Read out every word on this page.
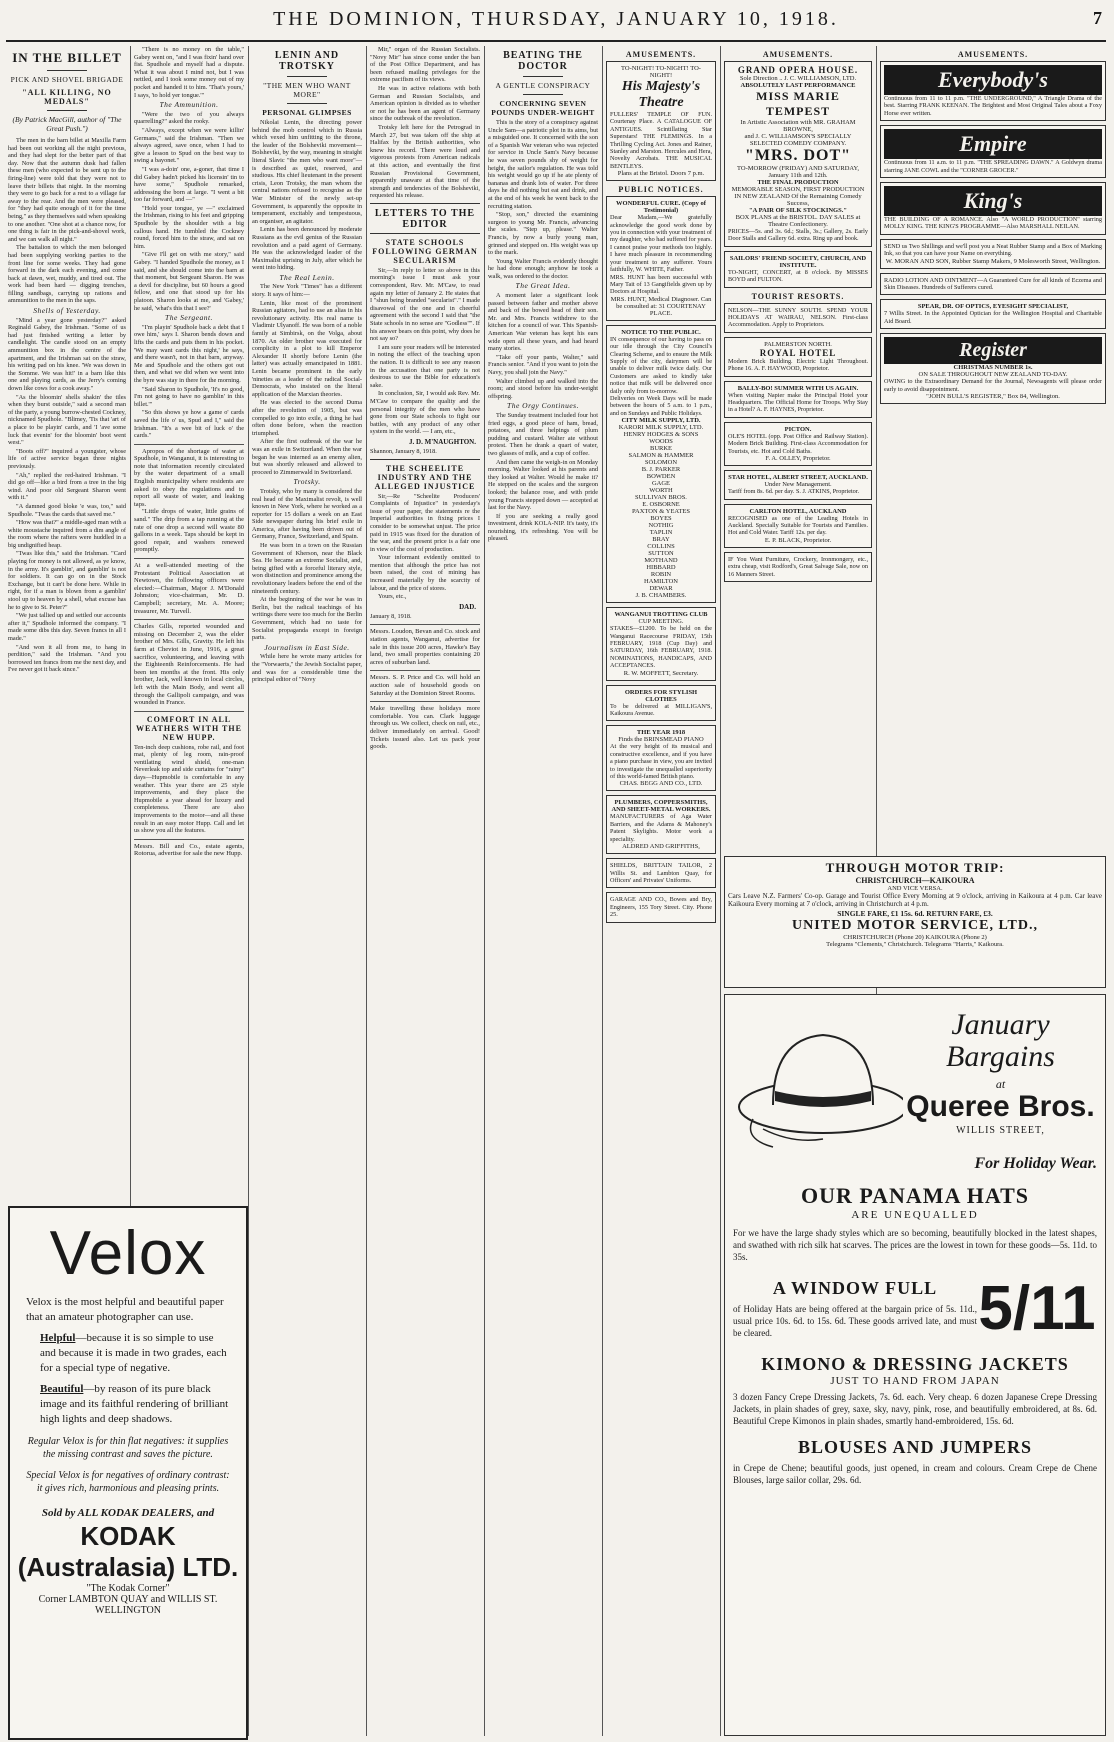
THE DOMINION, THURSDAY, JANUARY 10, 1918.	7
IN THE BILLET
PICK AND SHOVEL BRIGADE
"ALL KILLING, NO MEDALS"
(By Patrick MacGill, author of "The Great Push.")

The men in the barn billet at Maxilla Farm had been out working all the night previous, and they had slept for the better part of that day. Now that the autumn dusk had fallen these men (who expected to be sent up to the firing-line) were told that they were not to leave their billets that night. In the morning they were to go back for a rest to a village far away to the rear. And the men were pleased, for "they had quite enough of it for the time being," as they themselves said when speaking to one another. "One shot at a chance now, for one thing is fair in the pick-and-shovel work, and we can walk all night."

The battalion to which the men belonged had been supplying working parties to the front line for some weeks. They had gone forward in the dark each evening, and come back at dawn, wet, muddy, and tired out. The work had been hard — digging trenches, filling sandbags, carrying up rations and ammunition to the men in the saps.

Shells of Yesterday.

"Mind a year gone yesterday?" asked Reginald Gabey, the Irishman. "Some of us had just finished writing a letter by candlelight. The candle stood on an empty ammunition box in the centre of the apartment, and the Irishman sat on the straw, his writing pad on his knee. 'We was down in the Somme. We was hit!' in a barn like this one and playing cards, as the Jerry's coming down like cows for a cook away."

"As the bloomin' shells shakin' the tiles when they burst outside," said a second man of the party, a young burrow-chested Cockney, nicknamed Spudhole. "Blimey, 'Tis that 'art of a place to be playin' cards, and 'I 'ave some luck that evenin' for the bloomin' boot went west."

"Boots off?" inquired a youngster, whose life of active service began three nights previously.

"Ah," replied the red-haired Irishman. "I did go off—like a bird from a tree in the big wind. And poor old Sergeant Sharon went with it."

"A damned good bloke 'e was, too," said Spudhole. "Twas the cards that saved me."

"How was that?" a middle-aged man with a white moustache inquired from a dim angle of the room where the rafters were huddled in a big undignified heap.

"Twas like this," said the Irishman. "Card playing for money is not allowed, as ye know, in the army. It's gamblin', and gamblin' is not for soldiers. It can go on in the Stock Exchange, but it can't be done here. While in right, for if a man is blown from a gamblin' stool up to heaven by a shell, what excuse has he to give to St. Peter?"

"We just tallied up and settled our accounts after it," Spudhole informed the company. "I made some dibs this day. Seven francs in all I made."

"And won it all from me, to hang in perdition," said the Irishman. "And you borrowed ten francs from me the next day, and I've never got it back since."

"There is no money on the table," Gabey went on, "and I was fixin' hand over fist. Spudhole and myself had a dispute. What it was about I mind not, but I was nettled, and I took some money out of my pocket and handed it to him. 'That's yours,' I says, 'to hold yer tongue.'"

The Ammunition.

"Were the two of you always quarrelling?" asked the rooky.

"Always, except when we were killin' Germans," said the Irishman. "Then we always agreed, save once, when I had to give a lesson to Spud on the best way to swing a bayonet."

"I was a-doin' one, a-goner, that time I did Gabey hadn't picked his licensin' tin to have some," Spudhole remarked, addressing the born at large. "I went a bit too far forward, and —"

"Hold your tongue, ye —" exclaimed the Irishman, rising to his feet and gripping Spudhole by the shoulder with a big callous hand. He tumbled the Cockney round, forced him to the straw, and sat on him.

"Give I'll get on with me story," said Gabey. "I handed Spudhole the money, as I said, and she should come into the barn at that moment, but Sergeant Sharon. He was a devil for discipline, but 60 hours a good fellow, and one that stood up for his platoon. Sharon looks at me, and 'Gabey,' he said, 'what's this that I see?'

The Sergeant.

"I'm playin' Spudhole back a debt that I owe him,' says I. Sharon bends down and lifts the cards and puts them in his pocket. 'We may want cards this night,' he says, and there wasn't, not in that barn, anyway. Me and Spudhole and the others got out then, and what we did when we went into the byre was stay in there for the morning.

"Said Sharon to Spudhole, 'It's no good, I'm not going to have no gamblin' in this billet.'"

"So this shows ye how a game o' cards saved the life o' us, Spud and I," said the Irishman. "It's a wee bit of luck o' the cards."

Apropos of the shortage of water at Spudhole, in Wanganui, it is interesting to note that information recently circulated by the water department of a small English municipality where residents are asked to obey the regulations and to report all waste of water, and leaking taps.

"Little drops of water, little grains of sand." The drip from a tap running at the rate of one drop a second will waste 80 gallons in a week. Taps should be kept in good repair, and washers renewed promptly.

At a well-attended meeting of the Protestant Political Association at Newtown, the following officers were elected:—Chairman, Major J. M'Donald Johnston; vice-chairman, Mr. D. Campbell; secretary, Mr. A. Moore; treasurer, Mr. Turvell.
Charles Gills, reported wounded and missing on December 2, was the elder brother of Mrs. Gills, Gravity. He left his farm at Cheviot in June, 1916, a great sacrifice, volunteering, and leaving with the Eighteenth Reinforcements. He had been ten months at the front. His only brother, Jack, well known in local circles, left with the Main Body, and went all through the Gallipoli campaign, and was wounded in France.
COMFORT IN ALL WEATHERS WITH THE NEW HUPP.
Ten-inch deep cushions, robe rail, and foot mat, plenty of leg room, rain-proof ventilating wind shield, one-man Neverleak top and side curtains for "rainy" days—Hupmobile is comfortable in any weather. This year there are 25 style improvements, and they place the Hupmobile a year ahead for luxury and completeness. There are also improvements to the motor—and all these result in an easy motor Hupp. Call and let us show you all the features.
Messrs. Bill and Co., estate agents, Rotorua, advertise for sale the new Hupp.
Velox
Velox is the most helpful and beautiful paper that an amateur photographer can use.
Helpful—because it is so simple to use and because it is made in two grades, each for a special type of negative.
Beautiful—by reason of its pure black image and its faithful rendering of brilliant high lights and deep shadows.
Regular Velox is for thin flat negatives: it supplies the missing contrast and saves the picture.
Special Velox is for negatives of ordinary contrast: it gives rich, harmonious and pleasing prints.
Sold by ALL KODAK DEALERS, and
KODAK (Australasia) LTD.
"The Kodak Corner"
Corner LAMBTON QUAY and WILLIS ST. WELLINGTON
LENIN AND TROTSKY
"THE MEN WHO WANT MORE"
PERSONAL GLIMPSES

Nikolai Lenin, the directing power behind the mob control which in Russia which vexed him unfitting to the throne, the leader of the Bolsheviki movement—Bolsheviki, by the way, meaning in straight literal Slavic "the men who want more"—is described as quiet, reserved, and studious. His chief lieutenant in the present crisis, Leon Trotsky, the man whom the central nations refused to recognise as the War Minister of the newly set-up Government, is apparently the opposite in temperament, excitably and tempestuous, an organiser, an agitator.

Lenin has been denounced by moderate Russians as the evil genius of the Russian revolution and a paid agent of Germany. He was the acknowledged leader of the Maximalist uprising in July, after which he went into hiding.

The Real Lenin.

The New York "Times" has a different story. It says of him:—

Lenin, like most of the prominent Russian agitators, had to use an alias in his revolutionary activity. His real name is Vladimir Ulyanoff. He was born of a noble family at Simbirsk, on the Volga, about 1870. An older brother was executed for complicity in a plot to kill Emperor Alexander II shortly before Lenin (the latter) was actually emancipated in 1881. Lenin became prominent in the early 'nineties as a leader of the radical Social-Democrats, who insisted on the literal application of the Marxian theories.

He was elected to the second Duma after the revolution of 1905, but was compelled to go into exile, a thing he had often done before, when the reaction triumphed.

After the first outbreak of the war he was an exile in Switzerland. When the war began he was interned as an enemy alien, but was shortly released and allowed to proceed to Zimmerwald in Switzerland.

Trotsky.

Trotsky, who by many is considered the real head of the Maximalist revolt, is well known in New York, where he worked as a reporter for 15 dollars a week on an East Side newspaper during his brief exile in America, after having been driven out of Germany, France, Switzerland, and Spain.

He was born in a town on the Russian Government of Kherson, near the Black Sea. He became an extreme Socialist, and, being gifted with a forceful literary style, won distinction and prominence among the revolutionary leaders before the end of the nineteenth century.

At the beginning of the war he was in Berlin, but the radical teachings of his writings there were too much for the Berlin Government, which had no taste for Socialist propaganda except in foreign parts.

Journalism in East Side.

While here he wrote many articles for the "Vorwaerts," the Jewish Socialist paper, and was for a considerable time the principal editor of "Novy

Mir," organ of the Russian Socialists. "Novy Mir" has since come under the ban of the Post Office Department, and has been refused mailing privileges for the extreme pacifism of its views.

He was in active relations with both German and Russian Socialists, and American opinion is divided as to whether or not he has been an agent of Germany since the outbreak of the revolution.

Trotsky left here for the Petrograd in March 27, but was taken off the ship at Halifax by the British authorities, who knew his record. There were loud and vigorous protests from American radicals at this action, and eventually the first Russian Provisional Government, apparently unaware at that time of the strength and tendencies of the Bolsheviki, requested his release.

LETTERS TO THE EDITOR
STATE SCHOOLS FOLLOWING GERMAN SECULARISM

Sir,—In reply to letter so above in this morning's issue I must ask your correspondent, Rev. Mr. M'Caw, to read again my letter of January 2. He states that I "shun being branded "secularist"." I made disavowal of the one and in cheerful agreement with the second I said that "the State schools in no sense are "Godless"". If his answer bears on this point, why does he not say so?

I am sure your readers will be interested in noting the effect of the teaching upon the nation. It is difficult to see any reason in the accusation that one party is not desirous to use the Bible for education's sake.

In conclusion, Sir, I would ask Rev. Mr. M'Caw to compare the quality and the personal integrity of the men who have gone from our State schools to fight our battles, with any product of any other system in the world. — I am, etc.,

J. D. M'NAUGHTON.
Shannon, January 8, 1918.
THE SCHEELITE INDUSTRY AND THE ALLEGED INJUSTICE

Sir,—Re "Scheelite Producers' Complaints of Injustice" in yesterday's issue of your paper, the statements re the Imperial authorities in fixing prices I consider to be somewhat unjust. The price paid in 1915 was fixed for the duration of the war, and the present price is a fair one in view of the cost of production.

Your informant evidently omitted to mention that although the price has not been raised, the cost of mining has increased materially by the scarcity of labour, and the price of stores.

Yours, etc.,

DAD.
January 8, 1918.
Messrs. Loudon, Bevan and Co. stock and station agents, Wanganui, advertise for sale in this issue 200 acres, Hawke's Bay land, two small properties containing 20 acres of suburban land.
Messrs. S. P. Price and Co. will hold an auction sale of household goods on Saturday at the Dominion Street Rooms.
Make travelling these holidays more comfortable. You can. Clark luggage through us. We collect, check on rail, etc., deliver immediately on arrival. Good! Tickets issued also. Let us pack your goods.
BEATING THE DOCTOR
A GENTLE CONSPIRACY
CONCERNING SEVEN POUNDS UNDER-WEIGHT

This is the story of a conspiracy against Uncle Sam—a patriotic plot in its aims, but a misguided one. It concerned with the son of a Spanish War veteran who was rejected for service in Uncle Sam's Navy because he was seven pounds shy of weight for height, the sailor's regulation. He was told his weight would go up if he ate plenty of bananas and drank lots of water. For three days he did nothing but eat and drink, and at the end of his week he went back to the recruiting station.

"Stop, son," directed the examining surgeon to young Mr. Francis, advancing the scales. "Step up, please." Walter Francis, by now a burly young man, grinned and stepped on. His weight was up to the mark.

Young Walter Francis evidently thought he had done enough; anyhow he took a walk, was ordered to the doctor.

The Great Idea.

A moment later a significant look passed between father and mother above and back of the bowed head of their son. Mr. and Mrs. Francis withdrew to the kitchen for a council of war. This Spanish-American War veteran has kept his ears wide open all these years, and had heard many stories.

"Take off your pants, Walter," said Francis senior. "And if you want to join the Navy, you shall join the Navy."

Walter climbed up and walked into the room; and stood before his under-weight offspring.

The Orgy Continues.

The Sunday treatment included four hot fried eggs, a good piece of ham, bread, potatoes, and three helpings of plum pudding and custard. Walter ate without protest. Then he drank a quart of water, two glasses of milk, and a cup of coffee.

And then came the weigh-in on Monday morning. Walter looked at his parents and they looked at Walter. Would he make it? He stepped on the scales and the surgeon looked; the balance rose, and with pride young Francis stepped down — accepted at last for the Navy.

If you are seeking a really good investment, drink KOLA-NIP. It's tasty, it's nourishing, it's refreshing. You will be pleased.

AMUSEMENTS.
TO-NIGHT! TO-NIGHT! TO-NIGHT!
His Majesty's Theatre
FULLERS' TEMPLE OF FUN. Courtenay Place. A CATALOGUE OF ANTIGUES. Scintillating Star Superstars! THE FLEMINGS. In a Thrilling Cycling Act. Jones and Rainer, Stanley and Marston. Hercules and Hera, Novelty Acrobats. THE MUSICAL BENTLEYS.
Plans at the Bristol. Doors 7 p.m.
PUBLIC NOTICES.
WONDERFUL CURE. (Copy of Testimonial)
Dear Madam,—We gratefully acknowledge the good work done by you in connection with your treatment of my daughter, who had suffered for years. I cannot praise your methods too highly. I have much pleasure in recommending your treatment to any sufferer. Yours faithfully, W. WHITE, Father.
MRS. HUNT has been successful with Mary Tait of 13 Gangifields given up by Doctors at Hospital.
MRS. HUNT, Medical Diagnoser. Can be consulted at: 31 COURTENAY PLACE.
NOTICE TO THE PUBLIC.
IN consequence of our having to pass on our idle through the City Council's Clearing Scheme, and to ensure the Milk Supply of the city, dairymen will be unable to deliver milk twice daily. Our Customers are asked to kindly take notice that milk will be delivered once daily only from to-morrow.
Deliveries on Week Days will be made between the hours of 5 a.m. to 1 p.m., and on Sundays and Public Holidays.
CITY MILK SUPPLY, LTD.
KARORI MILK SUPPLY, LTD.
HENRY HODGES & SONS
WOODS
BURKE
SALMON & HAMMER
SOLOMON
B. J. PARKER
BOWDEN
GAGE
WORTH
SULLIVAN BROS.
E. OSBORNE
PAXTON & YEATES
BOYES
NOTHIG
TAPLIN
BRAY
COLLINS
SUTTON
MOTHAND
HIBBARD
ROBIN
HAMILTON
DEWAR
J. B. CHAMBERS.
WANGANUI TROTTING CLUB
CUP MEETING.
STAKES—£1200. To be held on the Wanganui Racecourse FRIDAY, 15th FEBRUARY, 1918 (Cup Day) and SATURDAY, 16th FEBRUARY, 1918. NOMINATIONS, HANDICAPS, AND ACCEPTANCES.
R. W. MOFFETT, Secretary.
ORDERS FOR STYLISH CLOTHES
To be delivered at MILLIGAN'S, Kaikoura Avenue.
THE YEAR 1918
Finds the BRINSMEAD PIANO
At the very height of its musical and constructive excellence, and if you have a piano purchase in view, you are invited to investigate the unequalled superiority of this world-famed British piano.
CHAS. BEGG AND CO., LTD.
PLUMBERS, COPPERSMITHS, AND SHEET-METAL WORKERS.
MANUFACTURERS of Aga Water Barriers, and the Adams & Mahoney's Patent Skylights. Motor work a speciality.
ALDRED AND GRIFFITHS,
SHIELDS, BRITTAIN TAILOR, 2 Willis St. and Lambton Quay, for Officers' and Privates' Uniforms.
GARAGE AND CO., Bowes and Bry, Engineers, 155 Tory Street. City. Phone 25.
AMUSEMENTS.
GRAND OPERA HOUSE.
Sole Direction .. J. C. WILLIAMSON, LTD.
ABSOLUTELY LAST PERFORMANCE
MISS MARIE TEMPEST
In Artistic Association with MR. GRAHAM BROWNE,
and J. C. WILLIAMSON'S SPECIALLY SELECTED COMEDY COMPANY.
"MRS. DOT"
TO-MORROW (FRIDAY) AND SATURDAY, January 11th and 12th.
THE FINAL PRODUCTION
MEMORABLE SEASON, FIRST PRODUCTION IN NEW ZEALAND Of the Remaining Comedy Success,
"A PAIR OF SILK STOCKINGS."
BOX PLANS at the BRISTOL. DAY SALES at Theatre Confectionery.
PRICES—5s. and 3s. 6d.; Stalls, 3s.; Gallery, 2s. Early Door Stalls and Gallery 6d. extra. Ring up and book.
SAILORS' FRIEND SOCIETY, CHURCH, AND INSTITUTE.
TO-NIGHT, CONCERT, at 8 o'clock. By MISSES BOYD and FULTON.
TOURIST RESORTS.
NELSON—THE SUNNY SOUTH. SPEND YOUR HOLIDAYS AT WAIRAU, NELSON. First-class Accommodation. Apply to Proprietors.
PALMERSTON NORTH.
ROYAL HOTEL
Modern Brick Building. Electric Light Throughout. Phone 16. A. F. HAYWOOD, Proprietor.
BALLY-BO! SUMMER WITH US AGAIN.
When visiting Napier make the Principal Hotel your Headquarters. The Official Home for Troops. Why Stay in a Hotel? A. F. HAYNES, Proprietor.
PICTON.
OLE'S HOTEL (opp. Post Office and Railway Station). Modern Brick Building. First-class Accommodation for Tourists, etc. Hot and Cold Baths.
F. A. OLLEY, Proprietor.
STAR HOTEL, ALBERT STREET, AUCKLAND.
Under New Management.
Tariff from 8s. 6d. per day. S. J. ATKINS, Proprietor.
CARLTON HOTEL, AUCKLAND
RECOGNISED as one of the Leading Hotels in Auckland. Specially Suitable for Tourists and Families. Hot and Cold Water. Tariff 12s. per day.
E. P. BLACK, Proprietor.
IF You Want Furniture, Crockery, Ironmongery, etc., extra cheap, visit Rodford's, Great Salvage Sale, now on 16 Manners Street.
AMUSEMENTS.
Everybody's
Continuous from 11 to 11 p.m. "THE UNDERGROUND," A Triangle Drama of the best. Starring FRANK KEENAN. The Brightest and Most Original Tales about a Foxy Horse ever written.
Empire
Continuous from 11 a.m. to 11 p.m. "THE SPREADING DAWN." A Goldwyn drama starring JANE COWL and the "CORNER GROCER."
King's
THE BUILDING OF A ROMANCE. Also "A WORLD PRODUCTION" starring MOLLY KING. THE KING'S PROGRAMME—Also MARSHALL NEILAN.
SEND us Two Shillings and we'll post you a Neat Rubber Stamp and a Box of Marking Ink, so that you can have your Name on everything.
W. MORAN AND SON, Rubber Stamp Makers, 9 Molesworth Street, Wellington.
RADIO LOTION AND OINTMENT—A Guaranteed Cure for all kinds of Eczema and Skin Diseases. Hundreds of Sufferers cured.
SPEAR, DR. OF OPTICS, EYESIGHT SPECIALIST,
7 Willis Street. In the Appointed Optician for the Wellington Hospital and Charitable Aid Board.
Register
CHRISTMAS NUMBER 1s.
ON SALE THROUGHOUT NEW ZEALAND TO-DAY.
OWING to the Extraordinary Demand for the Journal, Newsagents will please order early to avoid disappointment.
"JOHN BULL'S REGISTER," Box 84, Wellington.
THROUGH MOTOR TRIP:
CHRISTCHURCH—KAIKOURA
AND VICE VERSA.
Cars Leave N.Z. Farmers' Co-op. Garage and Tourist Office Every Morning at 9 o'clock, arriving in Kaikoura at 4 p.m. Car leave Kaikoura Every morning at 7 o'clock, arriving in Christchurch at 4 p.m.
SINGLE FARE, £1 15s. 6d. RETURN FARE, £3.
UNITED MOTOR SERVICE, LTD.,
CHRISTCHURCH (Phone 20) KAIKOURA (Phone 2)
Telegrams "Clements," Christchurch. Telegrams "Harris," Kaikoura.
January Bargains
at
Queree Bros.
WILLIS STREET,
For Holiday Wear.
OUR PANAMA HATS
ARE UNEQUALLED
For we have the large shady styles which are so becoming, beautifully blocked in the latest shapes, and swathed with rich silk hat scarves. The prices are the lowest in town for these goods—5s. 11d. to 35s.
A WINDOW FULL
of Holiday Hats are being offered at the bargain price of 5s. 11d., usual price 10s. 6d. to 15s. 6d. These goods arrived late, and must be cleared.	5/11
KIMONO & DRESSING JACKETS
JUST TO HAND FROM JAPAN
3 dozen Fancy Crepe Dressing Jackets, 7s. 6d. each. Very cheap. 6 dozen Japanese Crepe Dressing Jackets, in plain shades of grey, saxe, sky, navy, pink, rose, and beautifully embroidered, at 8s. 6d. Beautiful Crepe Kimonos in plain shades, smartly hand-embroidered, 15s. 6d.
BLOUSES AND JUMPERS
in Crepe de Chene; beautiful goods, just opened, in cream and colours. Cream Crepe de Chene Blouses, large sailor collar, 29s. 6d.
